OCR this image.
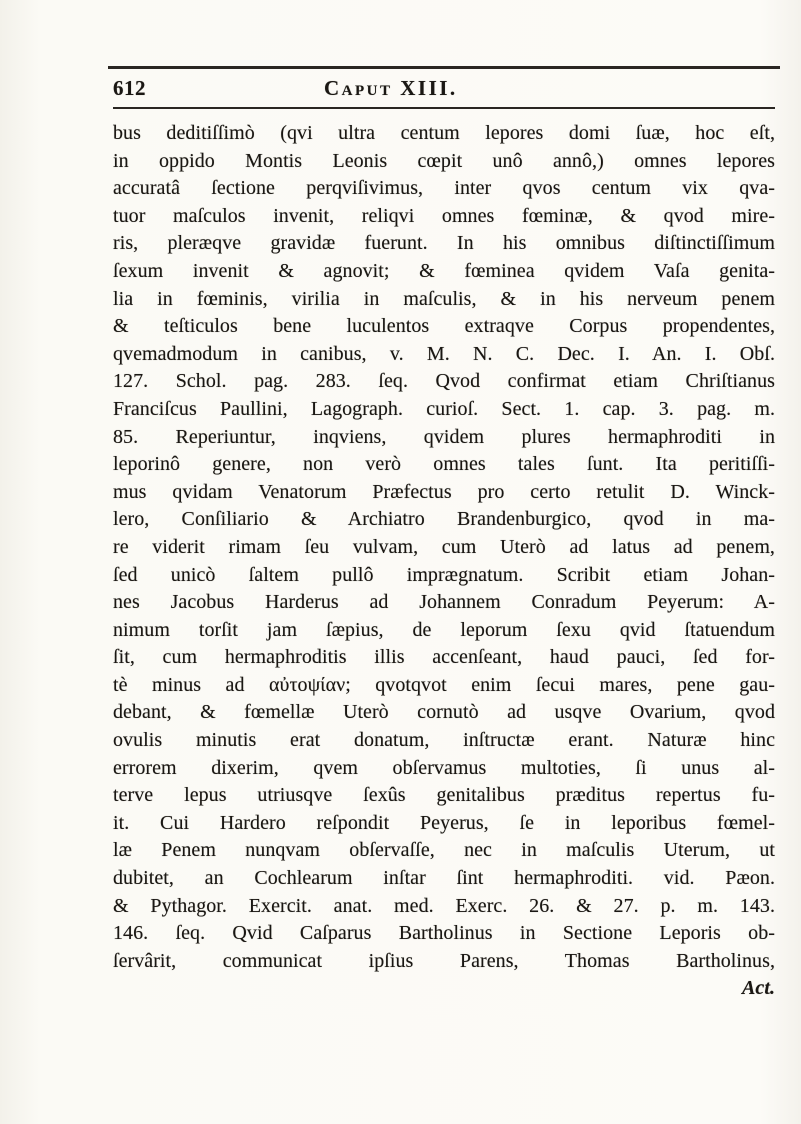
612	Caput XIII.
bus deditiſſimò (qvi ultra centum lepores domi ſuæ, hoc eſt,
in oppido Montis Leonis cœpit unô annô,) omnes lepores
accuratâ ſectione perqviſivimus, inter qvos centum vix qva-
tuor maſculos invenit, reliqvi omnes fœminæ, & qvod mire-
ris, pleræqve gravidæ fuerunt. In his omnibus diſtinctiſſimum
ſexum invenit & agnovit; & fœminea qvidem Vaſa genita-
lia in fœminis, virilia in maſculis, & in his nerveum penem
& teſticulos bene luculentos extraqve Corpus propendentes,
qvemadmodum in canibus, v. M. N. C. Dec. I. An. I. Obſ.
127. Schol. pag. 283. ſeq. Qvod confirmat etiam Chriſtianus
Franciſcus Paullini, Lagograph. curioſ. Sect. 1. cap. 3. pag. m.
85. Reperiuntur, inqviens, qvidem plures hermaphroditi in
leporinô genere, non verò omnes tales ſunt. Ita peritiſſi-
mus qvidam Venatorum Præfectus pro certo retulit D. Winck-
lero, Conſiliario & Archiatro Brandenburgico, qvod in ma-
re viderit rimam ſeu vulvam, cum Uterò ad latus ad penem,
ſed unicò ſaltem pullô imprægnatum. Scribit etiam Johan-
nes Jacobus Harderus ad Johannem Conradum Peyerum: A-
nimum torſit jam ſæpius, de leporum ſexu qvid ſtatuendum
ſit, cum hermaphroditis illis accenſeant, haud pauci, ſed for-
tè minus ad αὐτοψίαν; qvotqvot enim ſecui mares, pene gau-
debant, & fœmellæ Uterò cornutò ad usqve Ovarium, qvod
ovulis minutis erat donatum, inſtructæ erant. Naturæ hinc
errorem dixerim, qvem obſervamus multoties, ſi unus al-
terve lepus utriusqve ſexûs genitalibus præditus repertus fu-
it. Cui Hardero reſpondit Peyerus, ſe in leporibus fœmel-
læ Penem nunqvam obſervaſſe, nec in maſculis Uterum, ut
dubitet, an Cochlearum inſtar ſint hermaphroditi. vid. Pæon.
& Pythagor. Exercit. anat. med. Exerc. 26. & 27. p. m. 143.
146. ſeq. Qvid Caſparus Bartholinus in Sectione Leporis ob-
ſervârit, communicat ipſius Parens, Thomas Bartholinus,
Act.
